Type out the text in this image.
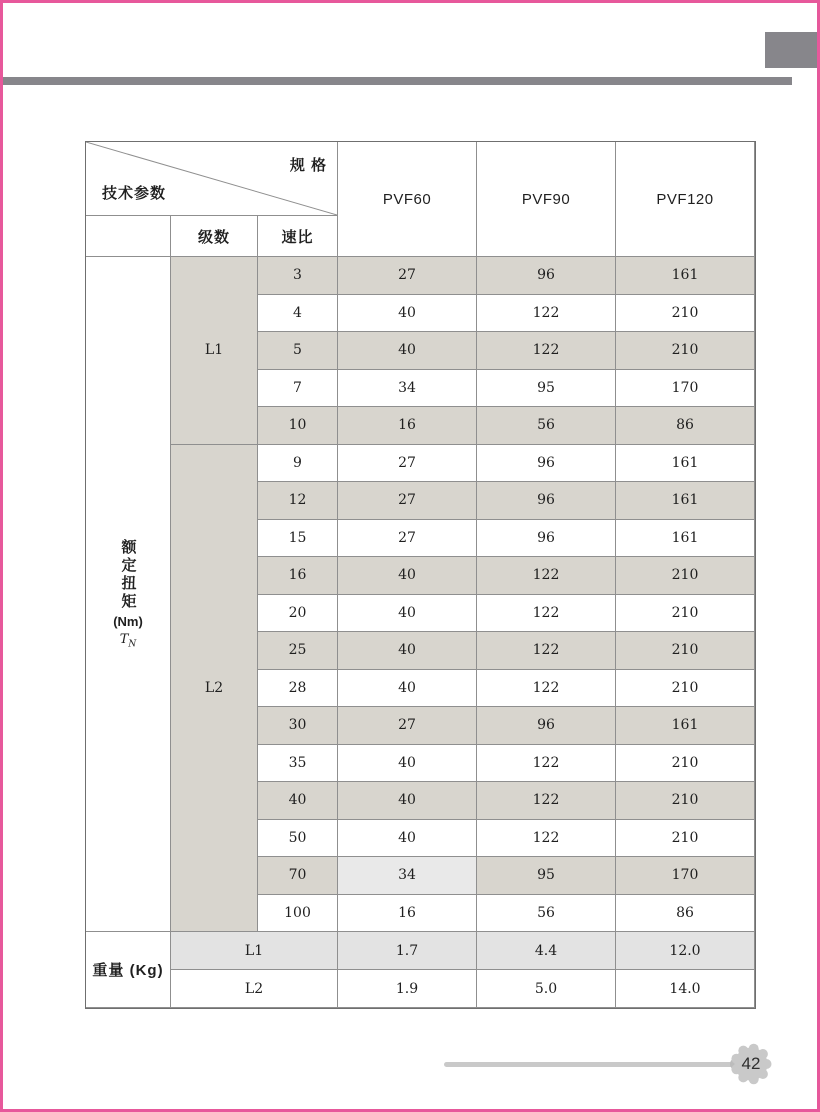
技术参数
规 格
级数	速比
PVF60	PVF90	PVF120
额定扭矩
(Nm)
$T_N$
重量 (Kg)
L1
3	27	96	161
4	40	122	210
5	40	122	210
7	34	95	170
10	16	56	86
L2
9	27	96	161
12	27	96	161
15	27	96	161
16	40	122	210
20	40	122	210
25	40	122	210
28	40	122	210
30	27	96	161
35	40	122	210
40	40	122	210
50	40	122	210
70	34	95	170
100	16	56	86
L1	1.7	4.4	12.0
L2	1.9	5.0	14.0
42
